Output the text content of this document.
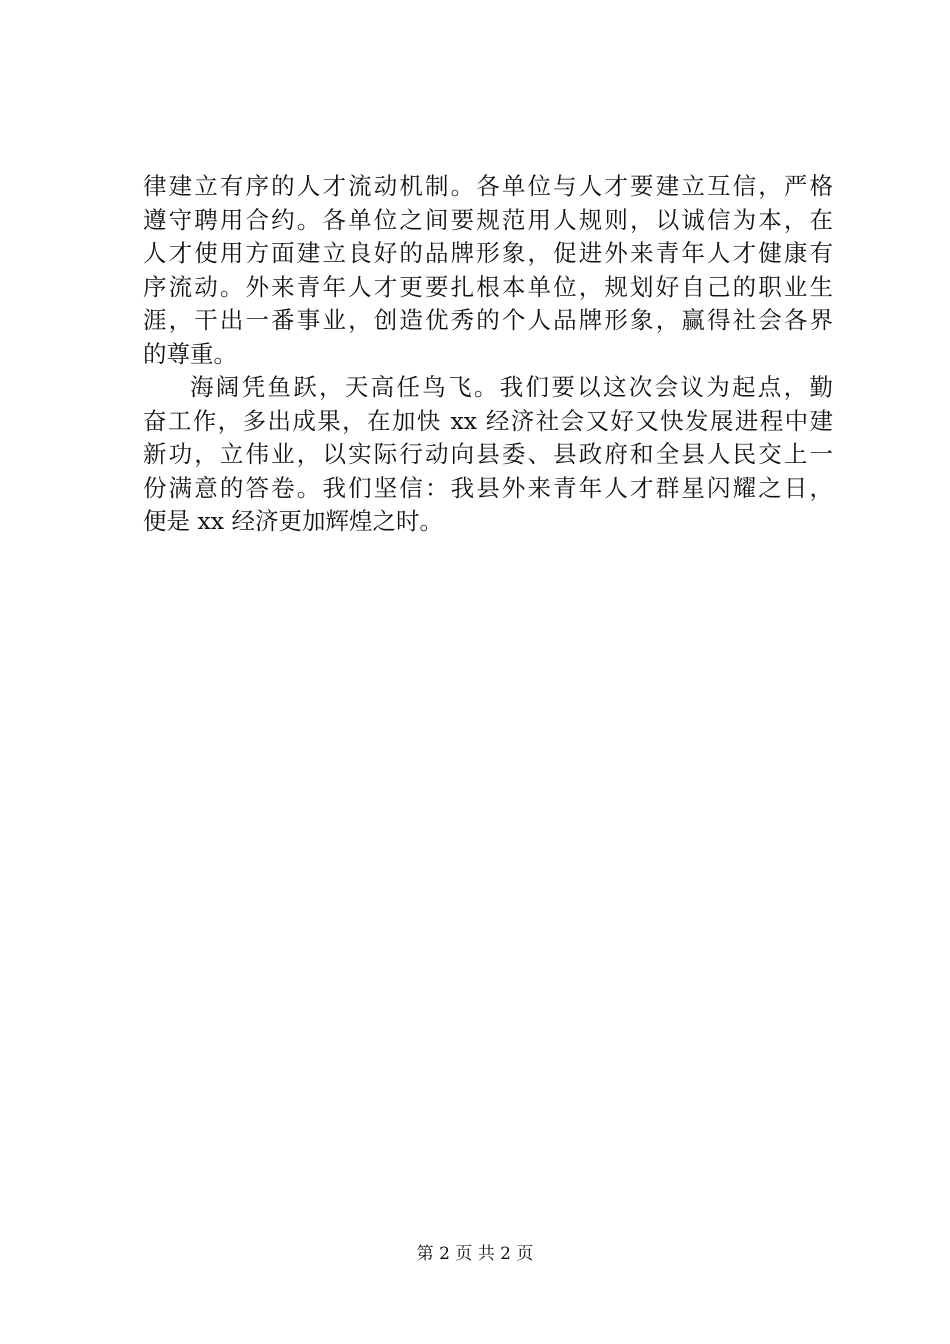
律建立有序的人才流动机制。各单位与人才要建立互信，严格
遵守聘用合约。各单位之间要规范用人规则，以诚信为本，在
人才使用方面建立良好的品牌形象，促进外来青年人才健康有
序流动。外来青年人才更要扎根本单位，规划好自己的职业生
涯，干出一番事业，创造优秀的个人品牌形象，赢得社会各界
的尊重。
海阔凭鱼跃，天高任鸟飞。我们要以这次会议为起点，勤
奋工作，多出成果，在加快 xx 经济社会又好又快发展进程中建
新功，立伟业，以实际行动向县委、县政府和全县人民交上一
份满意的答卷。我们坚信：我县外来青年人才群星闪耀之日，
便是 xx 经济更加辉煌之时。
第 2 页 共 2 页
